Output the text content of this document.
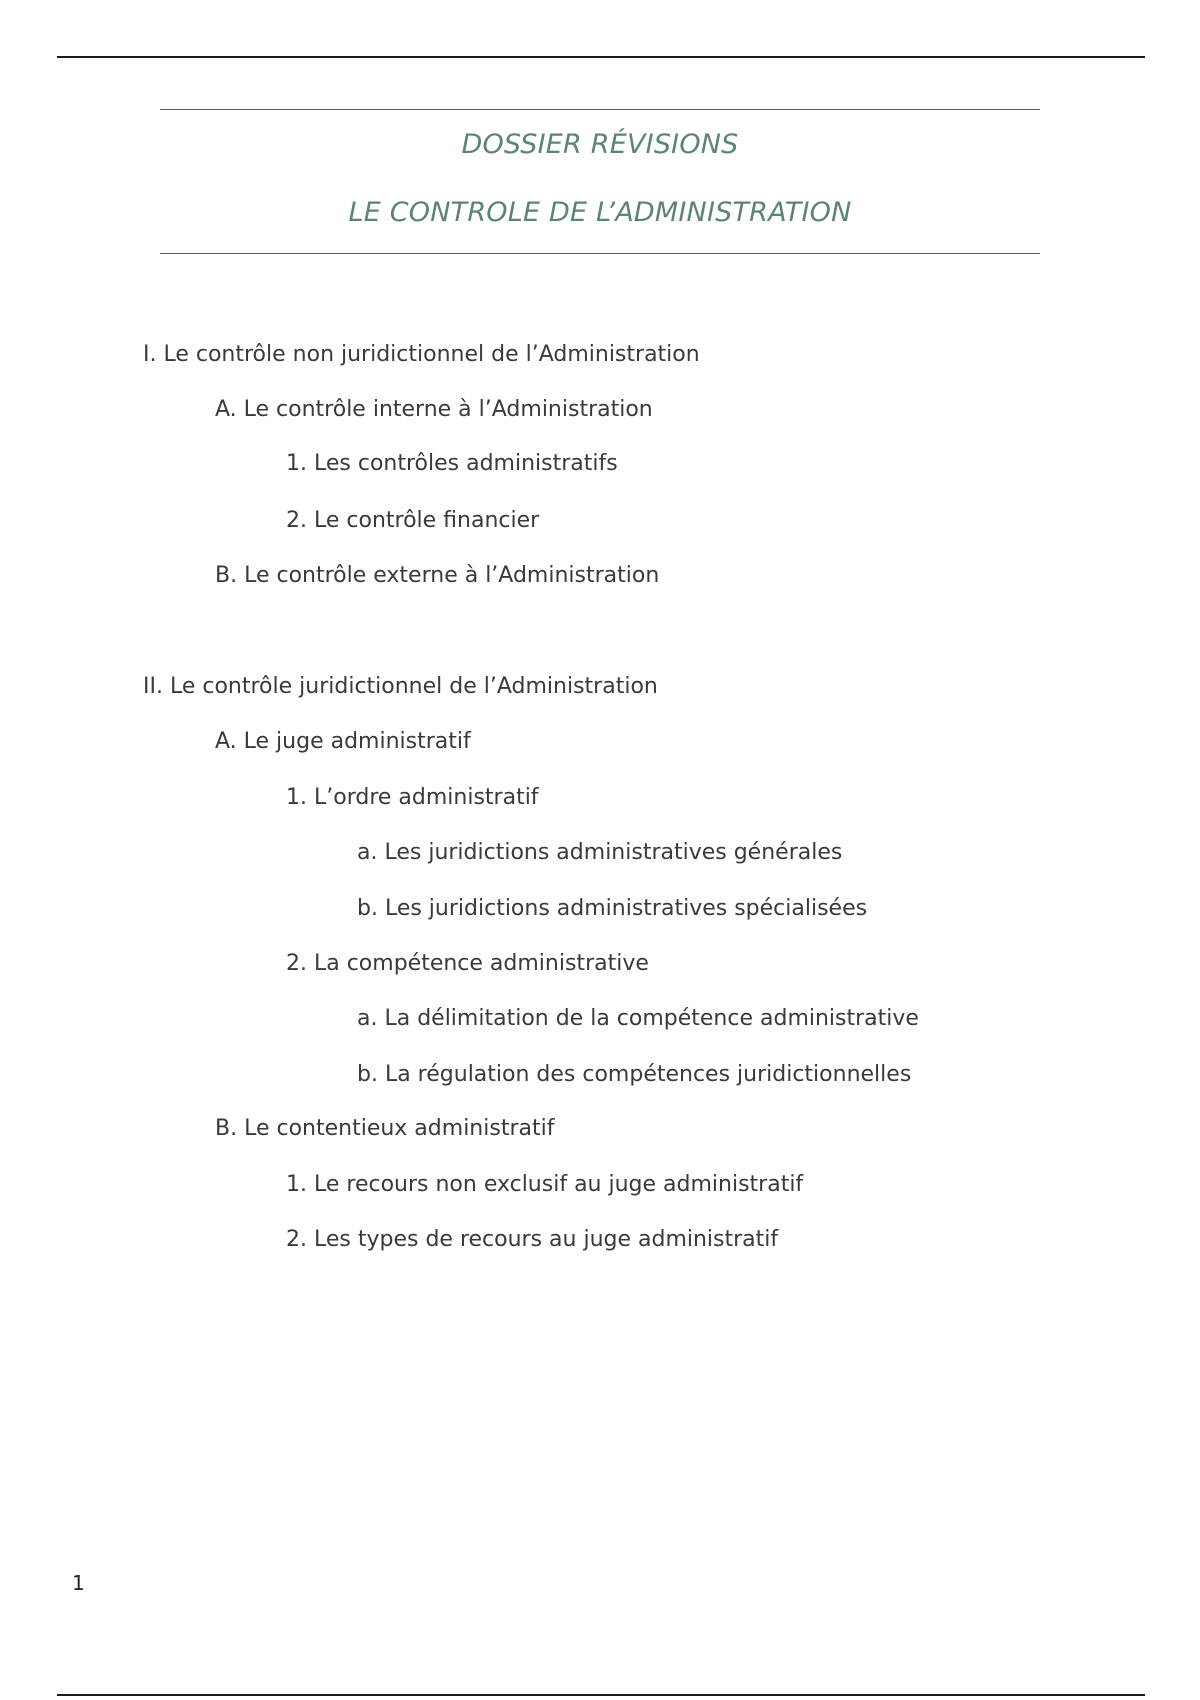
DOSSIER RÉVISIONS
LE CONTROLE DE L’ADMINISTRATION
I. Le contrôle non juridictionnel de l’Administration
A. Le contrôle interne à l’Administration
1. Les contrôles administratifs
2. Le contrôle financier
B. Le contrôle externe à l’Administration
II. Le contrôle juridictionnel de l’Administration
A. Le juge administratif
1. L’ordre administratif
a. Les juridictions administratives générales
b. Les juridictions administratives spécialisées
2. La compétence administrative
a. La délimitation de la compétence administrative
b. La régulation des compétences juridictionnelles
B. Le contentieux administratif
1. Le recours non exclusif au juge administratif
2. Les types de recours au juge administratif
1
